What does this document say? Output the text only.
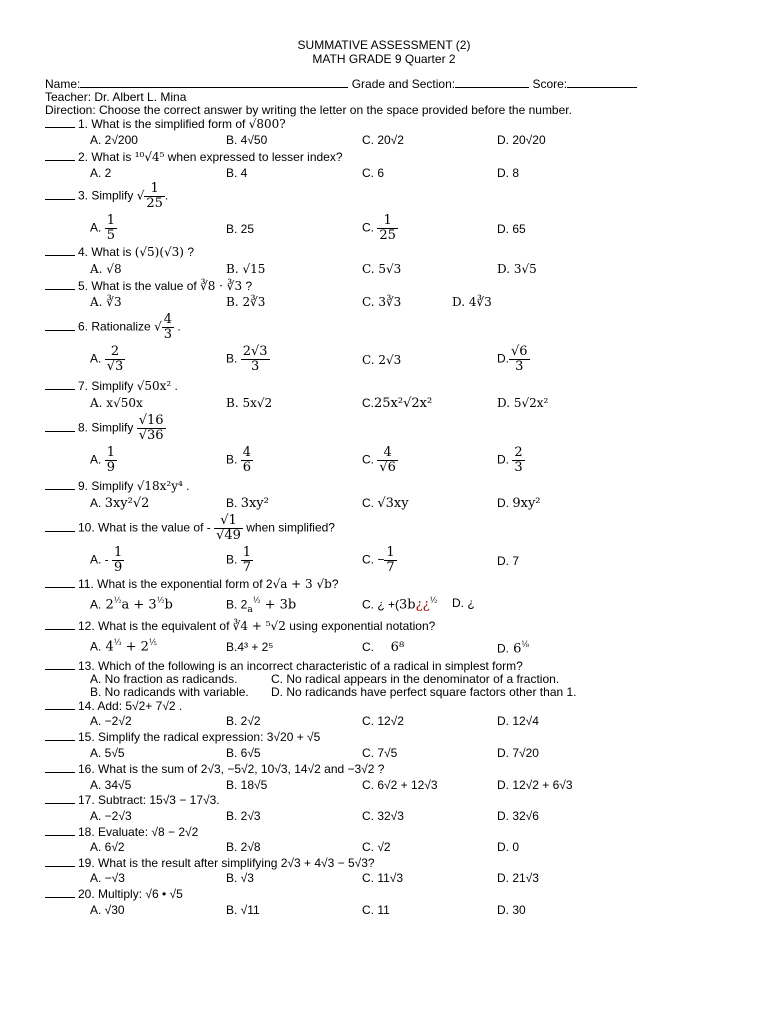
SUMMATIVE ASSESSMENT (2)
MATH GRADE 9 Quarter 2
Name:	Grade and Section:	Score:
Teacher: Dr. Albert L. Mina
Direction: Choose the correct answer by writing the letter on the space provided before the number.
1. What is the simplified form of √800?
A. 2√200	B. 4√50	C. 20√2	D. 20√20
2. What is ¹⁰√4⁵ when expressed to lesser index?
A. 2	B. 4	C. 6	D. 8
3. Simplify √ $\frac{1}{25}$ .
A. $\frac{1}{5}$	B. 25	C. $\frac{1}{25}$	D. 65
4. What is (√5)(√3) ?
A. √8	B. √15	C. 5√3	D. 3√5
5. What is the value of ∛8 · ∛3 ?
A. ∛3	B. 2∛3	C. 3∛3	D. 4∛3
6. Rationalize √ $\frac{4}{3}$ .
A. $\frac{2}{√3}$	B. $\frac{2√3}{3}$	C. 2√3	D. $\frac{√6}{3}$
7. Simplify √50x² .
A. x√50x	B. 5x√2	C.25x²√2x²	D. 5√2x²
8. Simplify $\frac{√16}{√36}$
A. $\frac{1}{9}$	B. $\frac{4}{6}$	C. $\frac{4}{√6}$	D. $\frac{2}{3}$
9. Simplify √18x²y⁴ .
A. 3xy²√2	B. 3xy²	C. √3xy	D. 9xy²
10. What is the value of - $\frac{√1}{√49}$ when simplified?
A. - $\frac{1}{9}$	B. $\frac{1}{7}$	C. − $\frac{1}{7}$	D. 7
11. What is the exponential form of 2√a + 3 √b?
A. $2^{\frac{1}{2}}a + 3^{\frac{1}{2}}b$	B. $2_a^{\frac{1}{2}} + 3b$	C. ¿ +(3b¿¿$^{\frac{1}{2}}$ D. ¿
12. What is the equivalent of ∛4 + ⁵√2 using exponential notation?
A. $4^{\frac{1}{3}} + 2^{\frac{1}{5}}$	B.4³ + 2⁵	C. 6⁸	D. $6^{\frac{1}{8}}$
13. Which of the following is an incorrect characteristic of a radical in simplest form?
A. No fraction as radicands.	C. No radical appears in the denominator of a fraction.
B. No radicands with variable. D. No radicands have perfect square factors other than 1.
14. Add: 5√2+ 7√2 .
A. −2√2	B. 2√2	C. 12√2	D. 12√4
15. Simplify the radical expression: 3√20 + √5
A. 5√5	B. 6√5	C. 7√5	D. 7√20
16. What is the sum of 2√3, −5√2, 10√3, 14√2 and −3√2 ?
A. 34√5	B. 18√5	C. 6√2 + 12√3	D. 12√2 + 6√3
17. Subtract: 15√3 − 17√3.
A. −2√3	B. 2√3	C. 32√3	D. 32√6
18. Evaluate: √8 − 2√2
A. 6√2	B. 2√8	C. √2	D. 0
19. What is the result after simplifying 2√3 + 4√3 − 5√3?
A. −√3	B. √3	C. 11√3	D. 21√3
20. Multiply: √6 • √5
A. √30	B. √11	C. 11	D. 30
